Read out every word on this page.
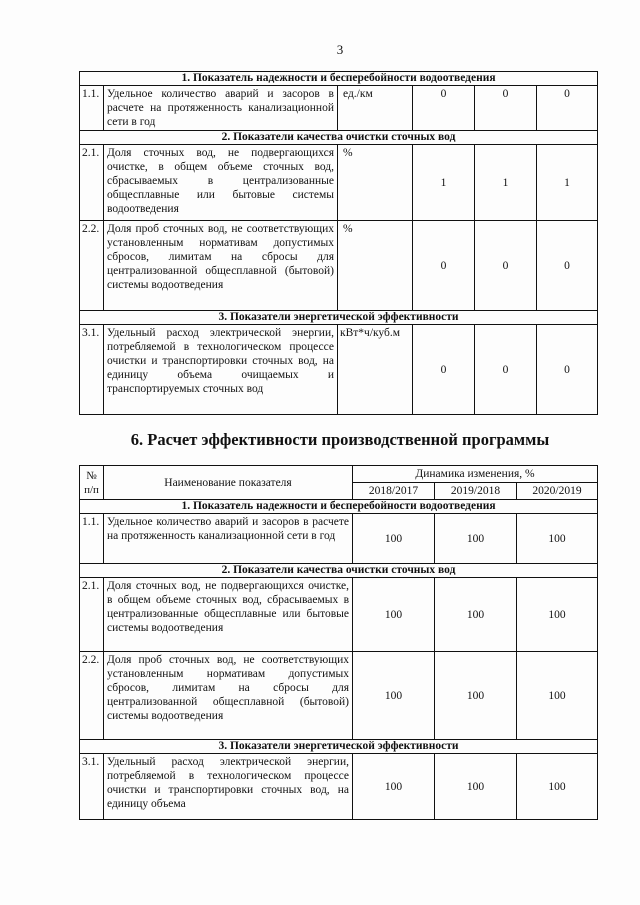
3
1. Показатель надежности и бесперебойности водоотведения					
1.1.	Удельное количество аварий и засоров в расчете на протяженность канализационной сети в год	ед./км	0	0	0
2. Показатели качества очистки сточных вод					
2.1.	Доля сточных вод, не подвергающихся очистке, в общем объеме сточных вод, сбрасываемых в централизованные общесплавные или бытовые системы водоотведения	%	1	1	1
2.2.	Доля проб сточных вод, не соответствующих установленным нормативам допустимых сбросов, лимитам на сбросы для централизованной общесплавной (бытовой) системы водоотведения	%	0	0	0
3. Показатели энергетической эффективности					
3.1.	Удельный расход электрической энергии, потребляемой в технологическом процессе очистки и транспортировки сточных вод, на единицу объема очищаемых и транспортируемых сточных вод	кВт*ч/куб.м	0	0	0
6. Расчет эффективности производственной программы
№ п/п	Наименование показателя	Динамика изменения, %		
		2018/2017	2019/2018	2020/2019
1. Показатель надежности и бесперебойности водоотведения				
1.1.	Удельное количество аварий и засоров в расчете на протяженность канализационной сети в год	100	100	100
2. Показатели качества очистки сточных вод				
2.1.	Доля сточных вод, не подвергающихся очистке, в общем объеме сточных вод, сбрасываемых в централизованные общесплавные или бытовые системы водоотведения	100	100	100
2.2.	Доля проб сточных вод, не соответствующих установленным нормативам допустимых сбросов, лимитам на сбросы для централизованной общесплавной (бытовой) системы водоотведения	100	100	100
3. Показатели энергетической эффективности				
3.1.	Удельный расход электрической энергии, потребляемой в технологическом процессе очистки и транспортировки сточных вод, на единицу объема	100	100	100
